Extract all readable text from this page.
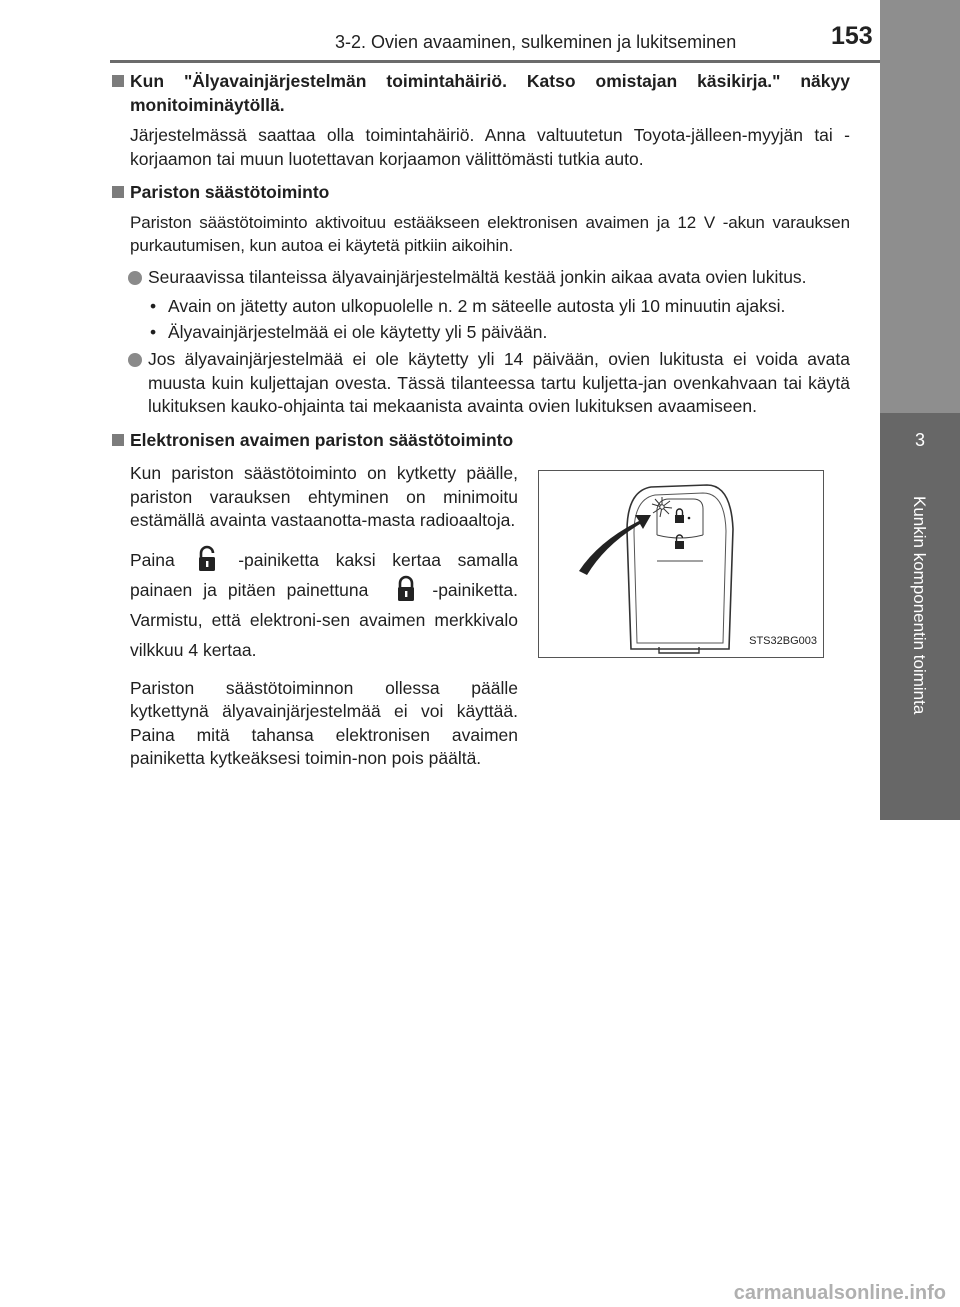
3-2. Ovien avaaminen, sulkeminen ja lukitseminen	153
3
Kunkin komponentin toiminta
Kun "Älyavainjärjestelmän toimintahäiriö. Katso omistajan käsikirja." näkyy monitoiminäytöllä.
Järjestelmässä saattaa olla toimintahäiriö. Anna valtuutetun Toyota-jälleen-myyjän tai -korjaamon tai muun luotettavan korjaamon välittömästi tutkia auto.
Pariston säästötoiminto
Pariston säästötoiminto aktivoituu estääkseen elektronisen avaimen ja 12 V -akun varauksen purkautumisen, kun autoa ei käytetä pitkiin aikoihin.
Seuraavissa tilanteissa älyavainjärjestelmältä kestää jonkin aikaa avata ovien lukitus.
• Avain on jätetty auton ulkopuolelle n. 2 m säteelle autosta yli 10 minuutin ajaksi.
• Älyavainjärjestelmää ei ole käytetty yli 5 päivään.
Jos älyavainjärjestelmää ei ole käytetty yli 14 päivään, ovien lukitusta ei voida avata muusta kuin kuljettajan ovesta. Tässä tilanteessa tartu kuljetta-jan ovenkahvaan tai käytä lukituksen kauko-ohjainta tai mekaanista avainta ovien lukituksen avaamiseen.
Elektronisen avaimen pariston säästötoiminto

Kun pariston säästötoiminto on kytketty päälle, pariston varauksen ehtyminen on minimoitu estämällä avainta vastaanotta-masta radioaaltoja.

Paina	-painiketta kaksi kertaa samalla painaen ja pitäen painettuna	-painiketta. Varmistu, että elektroni-sen avaimen merkkivalo vilkkuu 4 kertaa.

Pariston säästötoiminnon ollessa päälle kytkettynä älyavainjärjestelmää ei voi käyttää. Paina mitä tahansa elektronisen avaimen painiketta kytkeäksesi toimin-non pois päältä.

STS32BG003
carmanualsonline.info
